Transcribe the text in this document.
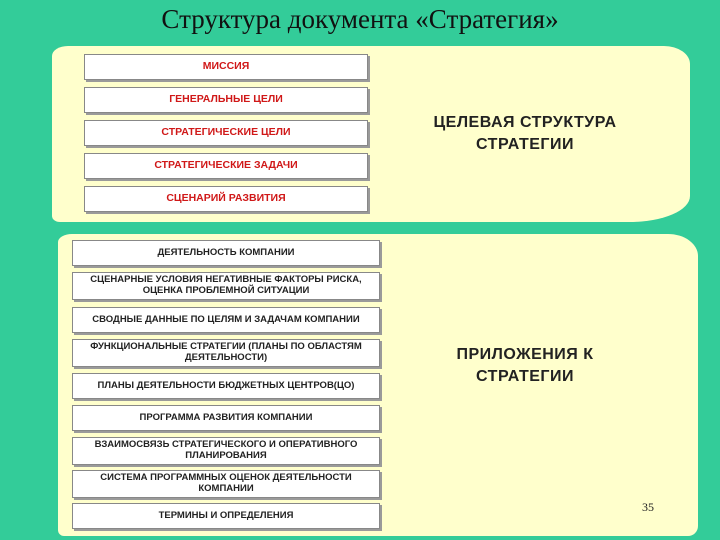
Структура документа «Стратегия»
МИССИЯ
ГЕНЕРАЛЬНЫЕ ЦЕЛИ
СТРАТЕГИЧЕСКИЕ ЦЕЛИ
СТРАТЕГИЧЕСКИЕ ЗАДАЧИ
СЦЕНАРИЙ РАЗВИТИЯ
ЦЕЛЕВАЯ СТРУКТУРА
СТРАТЕГИИ
ДЕЯТЕЛЬНОСТЬ КОМПАНИИ
СЦЕНАРНЫЕ УСЛОВИЯ НЕГАТИВНЫЕ ФАКТОРЫ РИСКА, ОЦЕНКА ПРОБЛЕМНОЙ СИТУАЦИИ
СВОДНЫЕ ДАННЫЕ ПО ЦЕЛЯМ И ЗАДАЧАМ КОМПАНИИ
ФУНКЦИОНАЛЬНЫЕ СТРАТЕГИИ (ПЛАНЫ ПО ОБЛАСТЯМ ДЕЯТЕЛЬНОСТИ)
ПЛАНЫ ДЕЯТЕЛЬНОСТИ БЮДЖЕТНЫХ ЦЕНТРОВ(ЦО)
ПРОГРАММА РАЗВИТИЯ КОМПАНИИ
ВЗАИМОСВЯЗЬ СТРАТЕГИЧЕСКОГО И ОПЕРАТИВНОГО ПЛАНИРОВАНИЯ
СИСТЕМА ПРОГРАММНЫХ ОЦЕНОК ДЕЯТЕЛЬНОСТИ КОМПАНИИ
ТЕРМИНЫ И ОПРЕДЕЛЕНИЯ
ПРИЛОЖЕНИЯ К
СТРАТЕГИИ
35
